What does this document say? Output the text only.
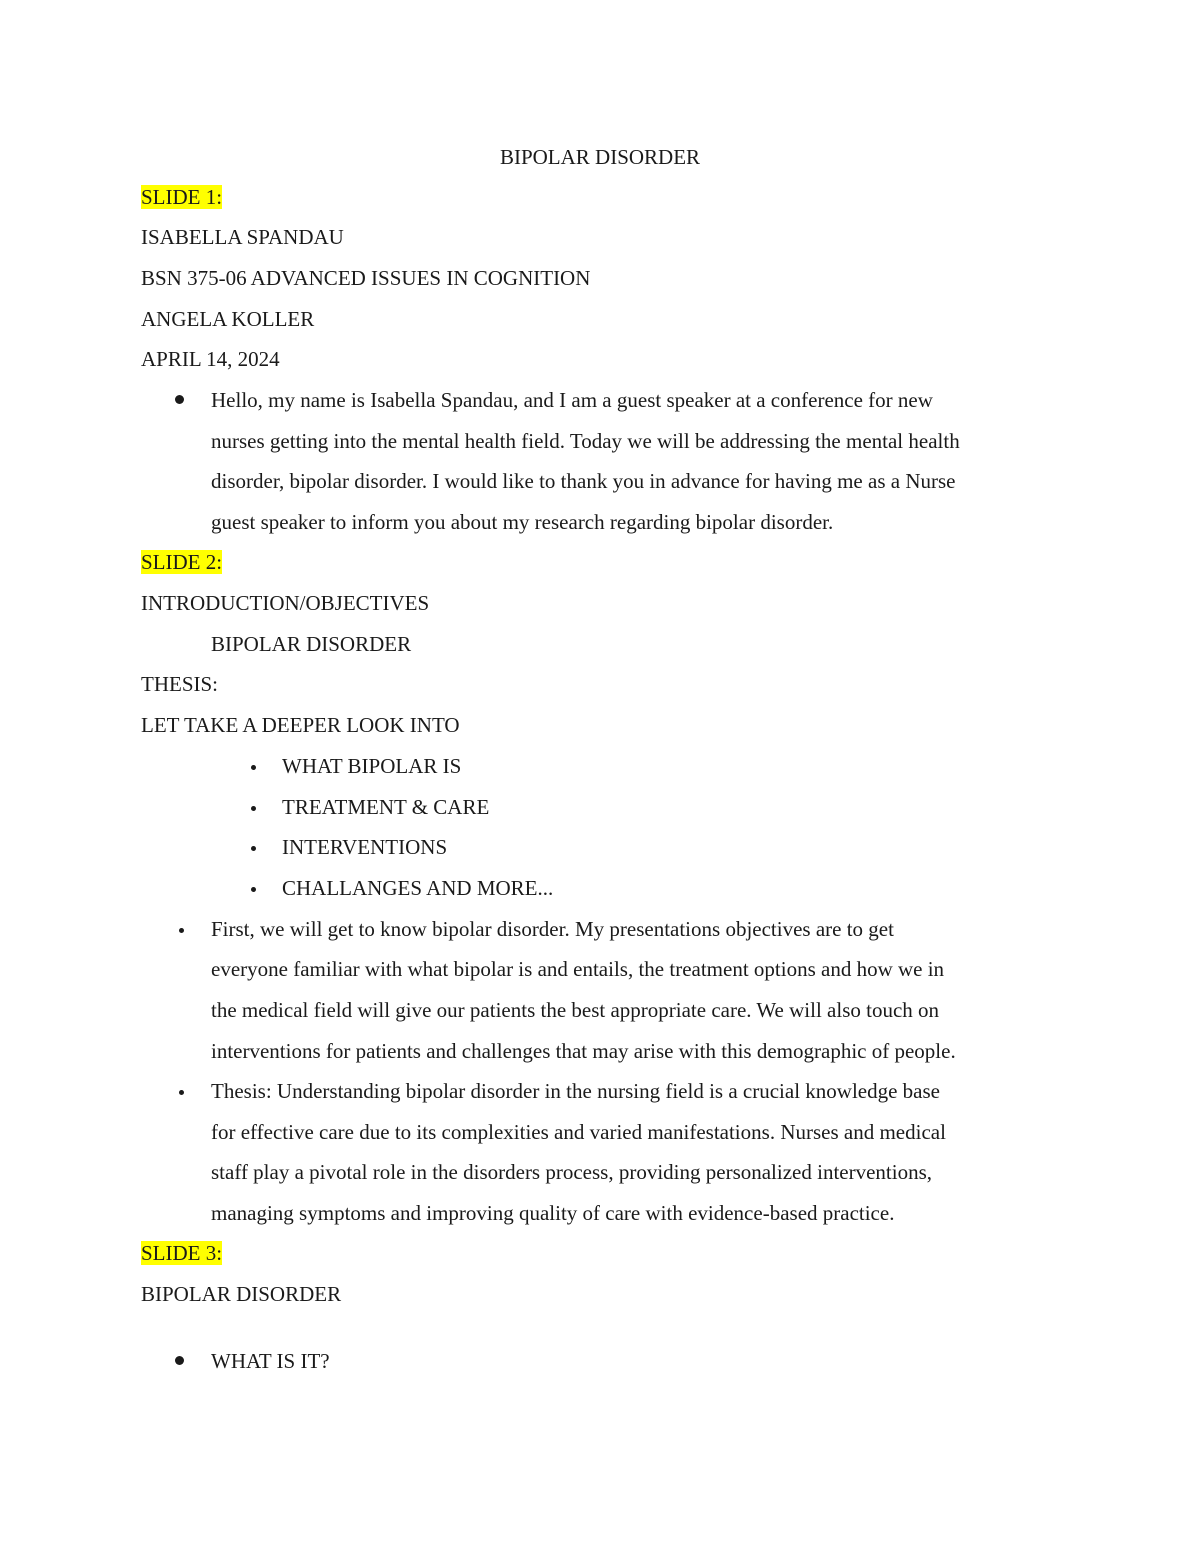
BIPOLAR DISORDER
SLIDE 1:
ISABELLA SPANDAU
BSN 375-06 ADVANCED ISSUES IN COGNITION
ANGELA KOLLER
APRIL 14, 2024
Hello, my name is Isabella Spandau, and I am a guest speaker at a conference for new
nurses getting into the mental health field. Today we will be addressing the mental health
disorder, bipolar disorder. I would like to thank you in advance for having me as a Nurse
guest speaker to inform you about my research regarding bipolar disorder.
SLIDE 2:
INTRODUCTION/OBJECTIVES
BIPOLAR DISORDER
THESIS:
LET TAKE A DEEPER LOOK INTO
WHAT BIPOLAR IS
TREATMENT & CARE
INTERVENTIONS
CHALLANGES AND MORE...
First, we will get to know bipolar disorder. My presentations objectives are to get
everyone familiar with what bipolar is and entails, the treatment options and how we in
the medical field will give our patients the best appropriate care. We will also touch on
interventions for patients and challenges that may arise with this demographic of people.
Thesis: Understanding bipolar disorder in the nursing field is a crucial knowledge base
for effective care due to its complexities and varied manifestations. Nurses and medical
staff play a pivotal role in the disorders process, providing personalized interventions,
managing symptoms and improving quality of care with evidence-based practice.
SLIDE 3:
BIPOLAR DISORDER
WHAT IS IT?
